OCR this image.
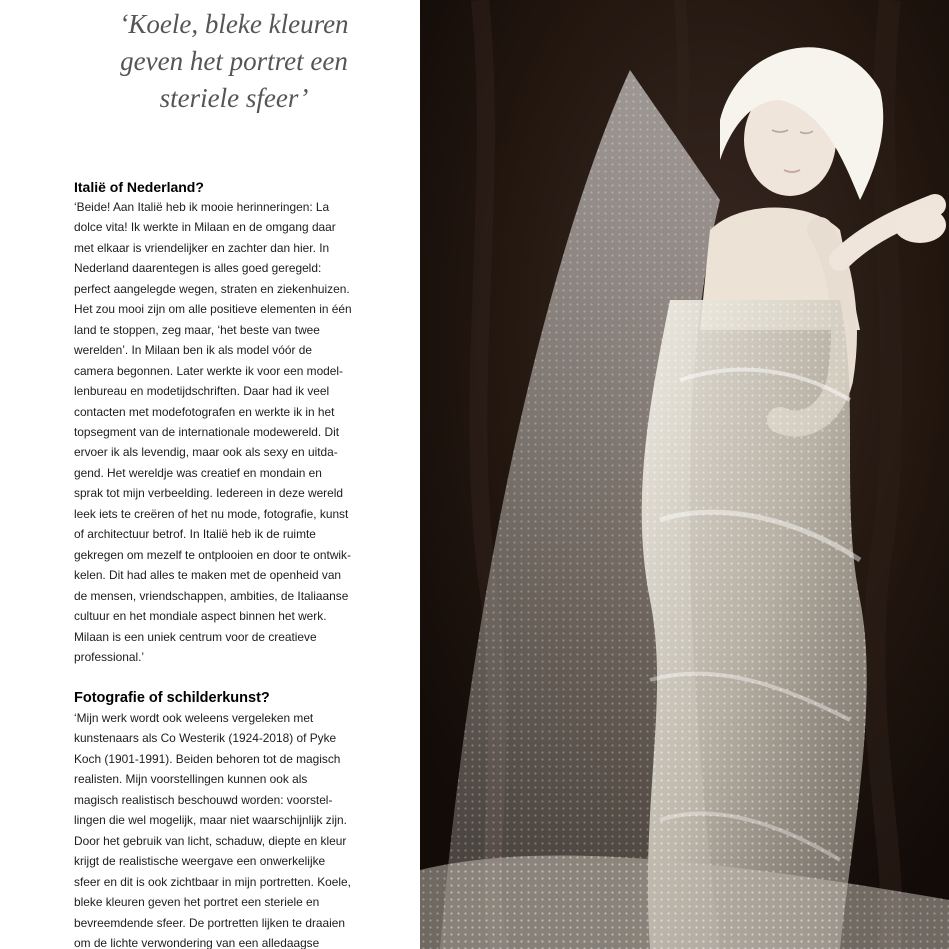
‘Koele, bleke kleuren
geven het portret een
steriele sfeer’
Italië of Nederland?
‘Beide! Aan Italië heb ik mooie herinneringen: La
dolce vita! Ik werkte in Milaan en de omgang daar
met elkaar is vriendelijker en zachter dan hier. In
Nederland daarentegen is alles goed geregeld:
perfect aangelegde wegen, straten en ziekenhuizen.
Het zou mooi zijn om alle positieve elementen in één
land te stoppen, zeg maar, ‘het beste van twee
werelden’. In Milaan ben ik als model vóór de
camera begonnen. Later werkte ik voor een model-
lenbureau en modetijdschriften. Daar had ik veel
contacten met modefotografen en werkte ik in het
topsegment van de internationale modewereld. Dit
ervoer ik als levendig, maar ook als sexy en uitda-
gend. Het wereldje was creatief en mondain en
sprak tot mijn verbeelding. Iedereen in deze wereld
leek iets te creëren of het nu mode, fotografie, kunst
of architectuur betrof. In Italië heb ik de ruimte
gekregen om mezelf te ontplooien en door te ontwik-
kelen. Dit had alles te maken met de openheid van
de mensen, vriendschappen, ambities, de Italiaanse
cultuur en het mondiale aspect binnen het werk.
Milaan is een uniek centrum voor de creatieve
professional.’
Fotografie of schilderkunst?
‘Mijn werk wordt ook weleens vergeleken met
kunstenaars als Co Westerik (1924-2018) of Pyke
Koch (1901-1991). Beiden behoren tot de magisch
realisten. Mijn voorstellingen kunnen ook als
magisch realistisch beschouwd worden: voorstel-
lingen die wel mogelijk, maar niet waarschijnlijk zijn.
Door het gebruik van licht, schaduw, diepte en kleur
krijgt de realistische weergave een onwerkelijke
sfeer en dit is ook zichtbaar in mijn portretten. Koele,
bleke kleuren geven het portret een steriele en
bevreemdende sfeer. De portretten lijken te draaien
om de lichte verwondering van een alledaagse
